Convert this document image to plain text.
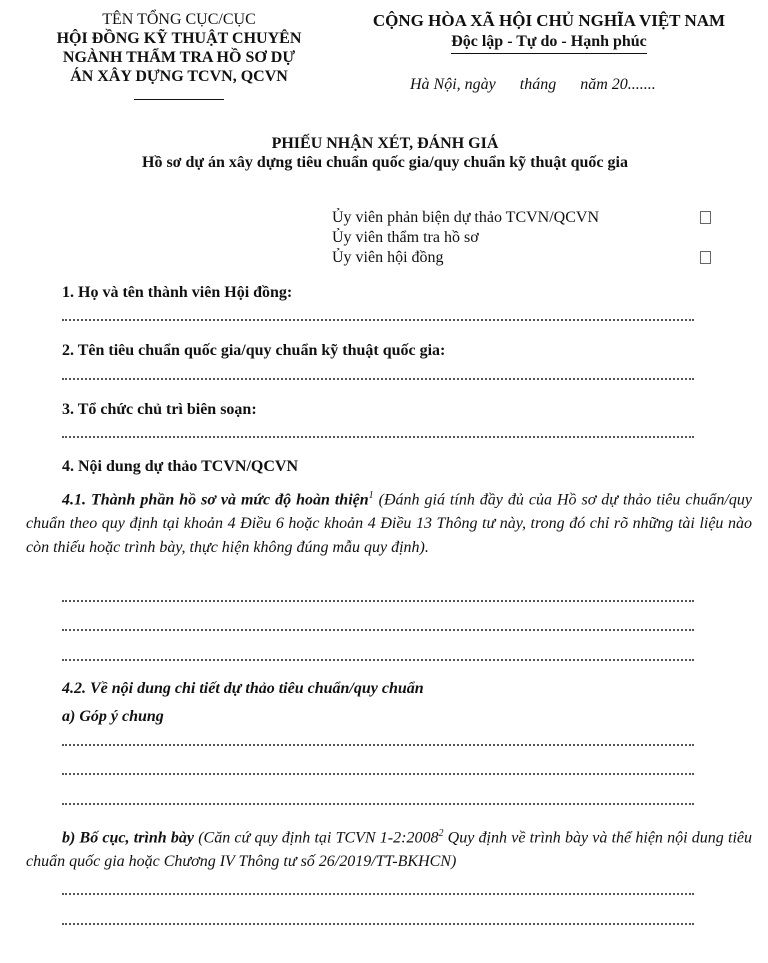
TÊN TỔNG CỤC/CỤC
HỘI ĐỒNG KỸ THUẬT CHUYÊN
NGÀNH THẨM TRA HỒ SƠ DỰ
ÁN XÂY DỰNG TCVN, QCVN
CỘNG HÒA XÃ HỘI CHỦ NGHĨA VIỆT NAM
Độc lập - Tự do - Hạnh phúc
Hà Nội, ngày      tháng      năm 20.......
PHIẾU NHẬN XÉT, ĐÁNH GIÁ
Hồ sơ dự án xây dựng tiêu chuẩn quốc gia/quy chuẩn kỹ thuật quốc gia
Ủy viên phản biện dự thảo TCVN/QCVN
Ủy viên thẩm tra hồ sơ
Ủy viên hội đồng
1. Họ và tên thành viên Hội đồng:
2. Tên tiêu chuẩn quốc gia/quy chuẩn kỹ thuật quốc gia:
3. Tổ chức chủ trì biên soạn:
4. Nội dung dự thảo TCVN/QCVN
4.1. Thành phần hồ sơ và mức độ hoàn thiện$^1$ (Đánh giá tính đầy đủ của Hồ sơ dự thảo tiêu chuẩn/quy chuẩn theo quy định tại khoản 4 Điều 6 hoặc khoản 4 Điều 13 Thông tư này, trong đó chỉ rõ những tài liệu nào còn thiếu hoặc trình bày, thực hiện không đúng mẫu quy định).
4.2. Về nội dung chi tiết dự thảo tiêu chuẩn/quy chuẩn
a) Góp ý chung
b) Bố cục, trình bày (Căn cứ quy định tại TCVN 1-2:2008$^2$ Quy định về trình bày và thể hiện nội dung tiêu chuẩn quốc gia hoặc Chương IV Thông tư số 26/2019/TT-BKHCN)
